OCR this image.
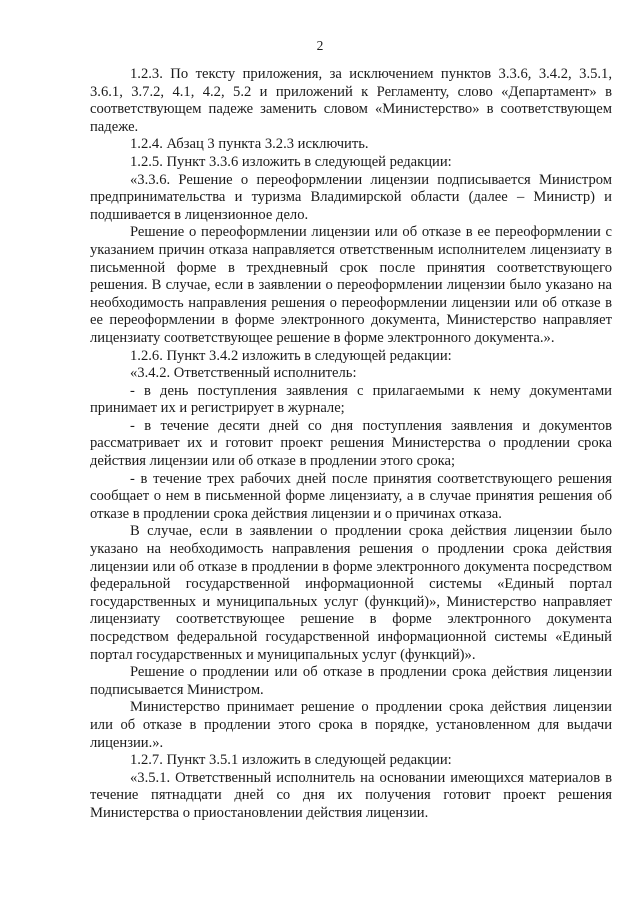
2

1.2.3. По тексту приложения, за исключением пунктов 3.3.6, 3.4.2, 3.5.1, 3.6.1, 3.7.2, 4.1, 4.2, 5.2 и приложений к Регламенту, слово «Департамент» в соответствующем падеже заменить словом «Министерство» в соответствующем падеже.

1.2.4. Абзац 3 пункта 3.2.3 исключить.

1.2.5. Пункт 3.3.6 изложить в следующей редакции:

«3.3.6. Решение о переоформлении лицензии подписывается Министром предпринимательства и туризма Владимирской области (далее – Министр) и подшивается в лицензионное дело.

Решение о переоформлении лицензии или об отказе в ее переоформлении с указанием причин отказа направляется ответственным исполнителем лицензиату в письменной форме в трехдневный срок после принятия соответствующего решения. В случае, если в заявлении о переоформлении лицензии было указано на необходимость направления решения о переоформлении лицензии или об отказе в ее переоформлении в форме электронного документа, Министерство направляет лицензиату соответствующее решение в форме электронного документа.».

1.2.6. Пункт 3.4.2 изложить в следующей редакции:

«3.4.2. Ответственный исполнитель:

- в день поступления заявления с прилагаемыми к нему документами принимает их и регистрирует в журнале;

- в течение десяти дней со дня поступления заявления и документов рассматривает их и готовит проект решения Министерства о продлении срока действия лицензии или об отказе в продлении этого срока;

- в течение трех рабочих дней после принятия соответствующего решения сообщает о нем в письменной форме лицензиату, а в случае принятия решения об отказе в продлении срока действия лицензии и о причинах отказа.

В случае, если в заявлении о продлении срока действия лицензии было указано на необходимость направления решения о продлении срока действия лицензии или об отказе в продлении в форме электронного документа посредством федеральной государственной информационной системы «Единый портал государственных и муниципальных услуг (функций)», Министерство направляет лицензиату соответствующее решение в форме электронного документа посредством федеральной государственной информационной системы «Единый портал государственных и муниципальных услуг (функций)».

Решение о продлении или об отказе в продлении срока действия лицензии подписывается Министром.

Министерство принимает решение о продлении срока действия лицензии или об отказе в продлении этого срока в порядке, установленном для выдачи лицензии.».

1.2.7. Пункт 3.5.1 изложить в следующей редакции:

«3.5.1. Ответственный исполнитель на основании имеющихся материалов в течение пятнадцати дней со дня их получения готовит проект решения Министерства о приостановлении действия лицензии.
